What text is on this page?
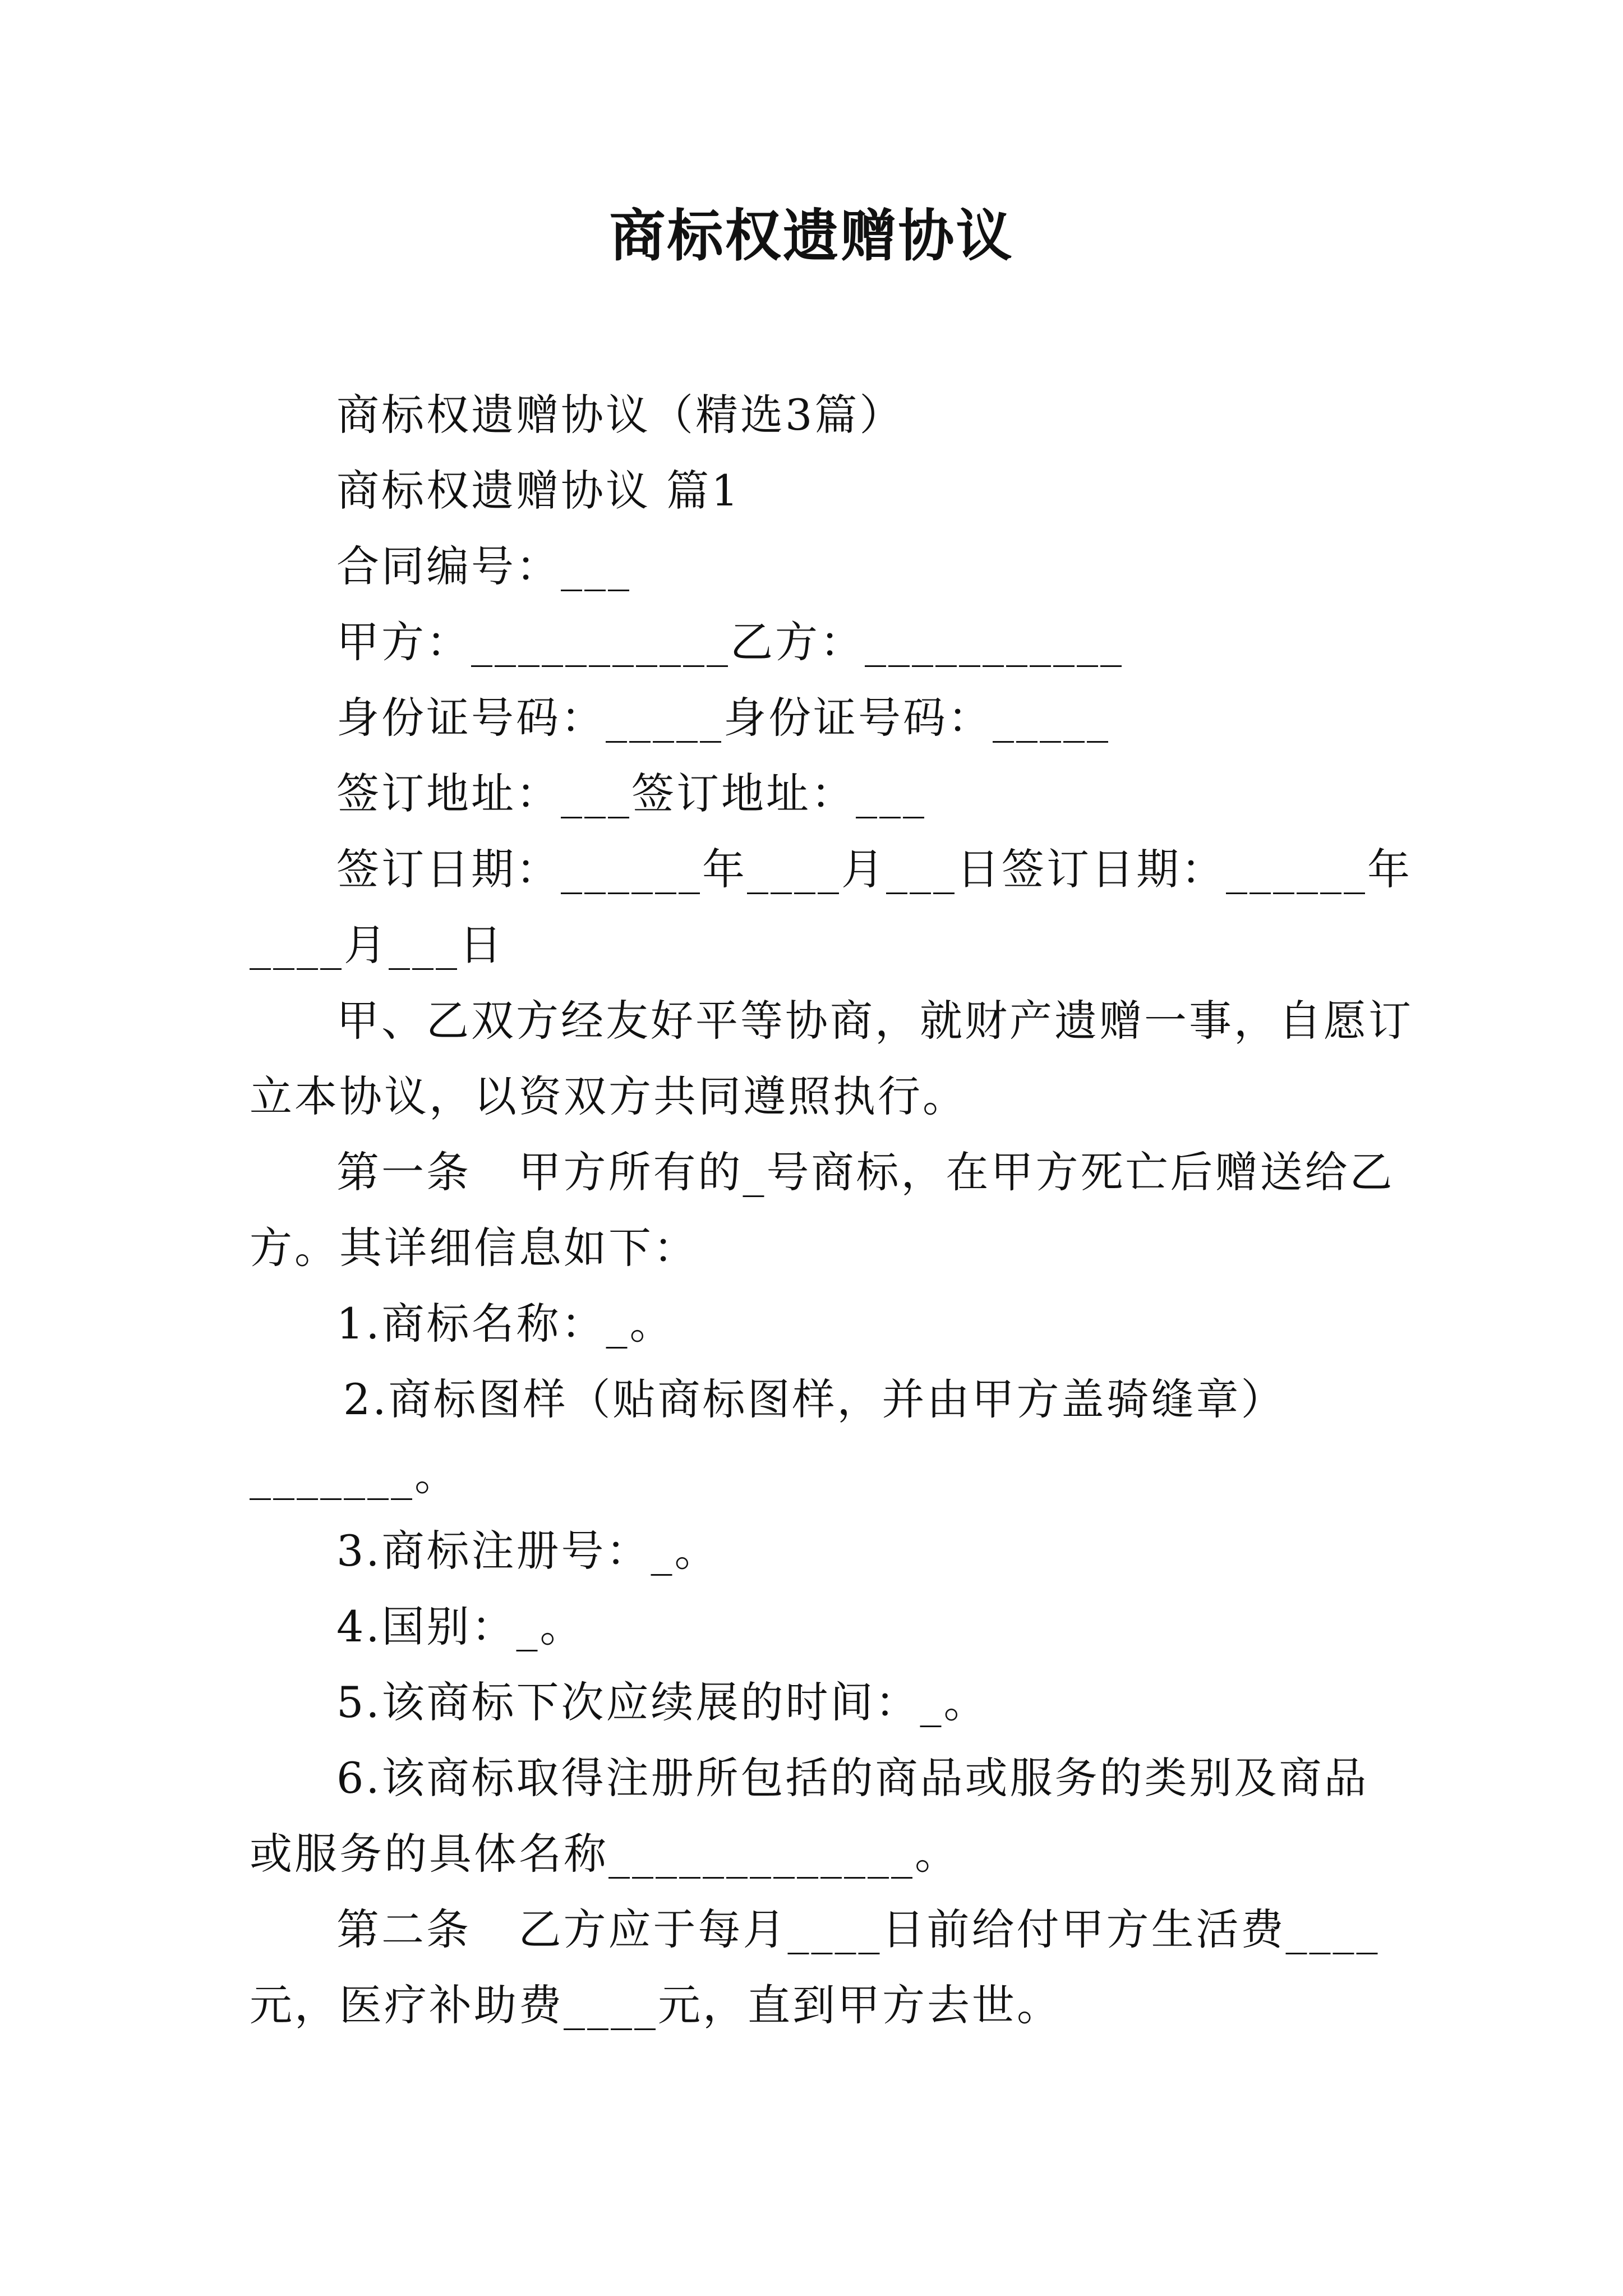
商标权遗赠协议
商标权遗赠协议（精选3篇）
商标权遗赠协议 篇1
合同编号：___
甲方：___________乙方：___________
身份证号码：_____身份证号码：_____
签订地址：___签订地址：___
签订日期：______年____月___日签订日期：______年
____月___日
甲、乙双方经友好平等协商，就财产遗赠一事，自愿订
立本协议，以资双方共同遵照执行。
第一条   甲方所有的_号商标，在甲方死亡后赠送给乙
方。其详细信息如下：
1.商标名称：_。
2.商标图样（贴商标图样，并由甲方盖骑缝章）
_______。
3.商标注册号：_。
4.国别：_。
5.该商标下次应续展的时间：_。
6.该商标取得注册所包括的商品或服务的类别及商品
或服务的具体名称_____________。
第二条   乙方应于每月____日前给付甲方生活费____
元，医疗补助费____元，直到甲方去世。
